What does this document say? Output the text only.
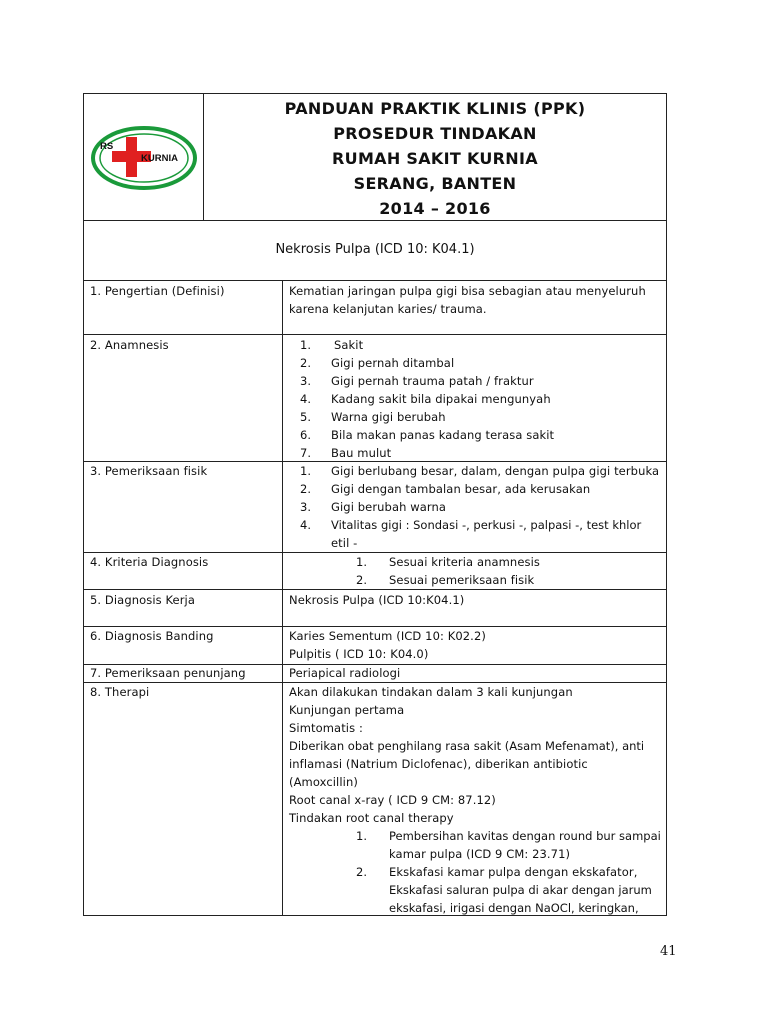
RS
KURNIA
PANDUAN PRAKTIK KLINIS (PPK)
PROSEDUR TINDAKAN
RUMAH SAKIT KURNIA
SERANG, BANTEN
2014 – 2016
Nekrosis Pulpa (ICD 10: K04.1)
1. Pengertian (Definisi)	Kematian jaringan pulpa gigi bisa sebagian atau menyeluruh
karena kelanjutan karies/ trauma.
2. Anamnesis	1. Sakit
2. Gigi pernah ditambal
3. Gigi pernah trauma patah / fraktur
4. Kadang sakit bila dipakai mengunyah
5. Warna gigi berubah
6. Bila makan panas kadang terasa sakit
7. Bau mulut
3. Pemeriksaan fisik	1. Gigi berlubang besar, dalam, dengan pulpa gigi terbuka
2. Gigi dengan tambalan besar, ada kerusakan
3. Gigi berubah warna
4. Vitalitas gigi : Sondasi -, perkusi -, palpasi -, test khlor
etil -
4. Kriteria Diagnosis	1. Sesuai kriteria anamnesis
2. Sesuai pemeriksaan fisik
5. Diagnosis Kerja	Nekrosis Pulpa (ICD 10:K04.1)
6. Diagnosis Banding	Karies Sementum (ICD 10: K02.2)
Pulpitis ( ICD 10: K04.0)
7. Pemeriksaan penunjang	Periapical radiologi
8. Therapi	Akan dilakukan tindakan dalam 3 kali kunjungan
Kunjungan pertama
Simtomatis :
Diberikan obat penghilang rasa sakit (Asam Mefenamat), anti
inflamasi (Natrium Diclofenac), diberikan antibiotic
(Amoxcillin)
Root canal x-ray ( ICD 9 CM: 87.12)
Tindakan root canal therapy
1. Pembersihan kavitas dengan round bur sampai
kamar pulpa (ICD 9 CM: 23.71)
2. Ekskafasi kamar pulpa dengan ekskafator,
Ekskafasi saluran pulpa di akar dengan jarum
ekskafasi, irigasi dengan NaOCl, keringkan,
41
